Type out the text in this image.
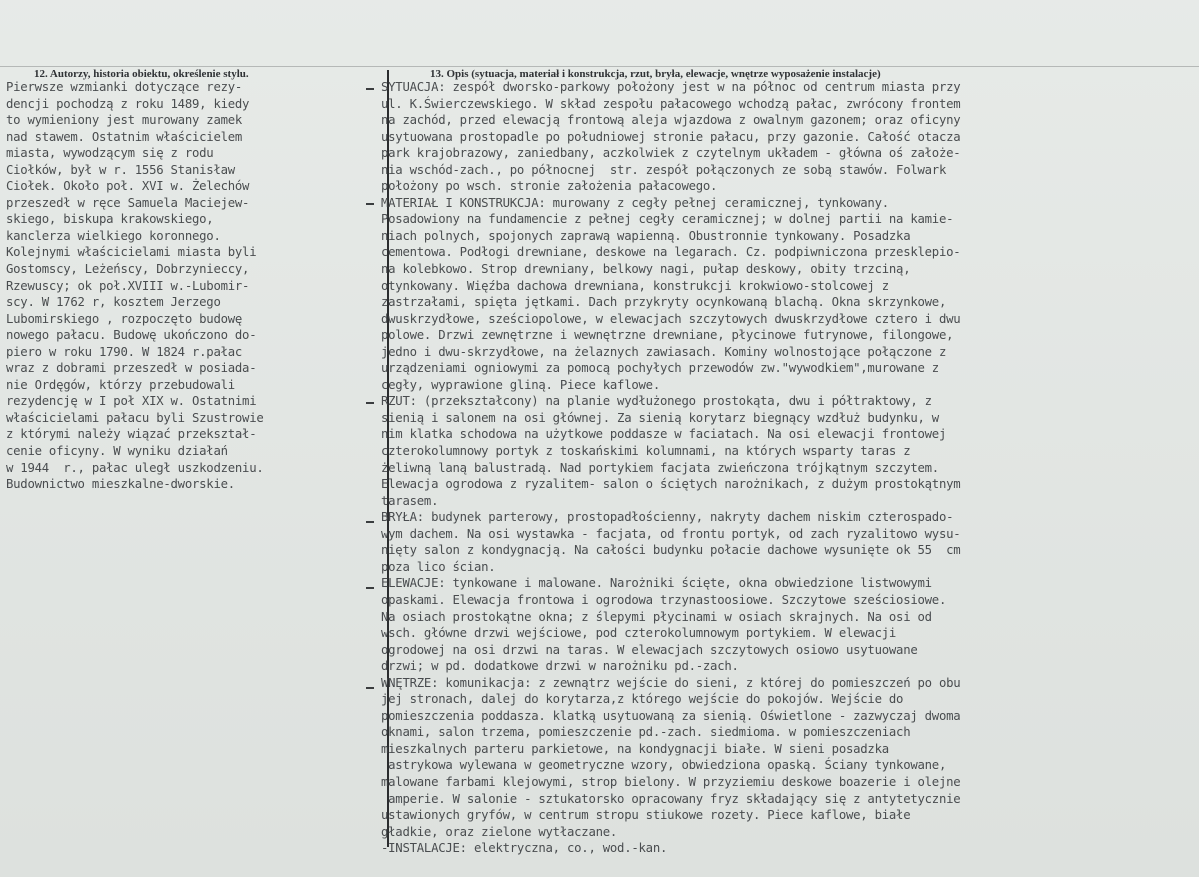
12. Autorzy, historia obiektu, określenie stylu.	13. Opis (sytuacja, materiał i konstrukcja, rzut, bryła, elewacje, wnętrze wyposażenie instalacje)
Pierwsze wzmianki dotyczące rezy-
dencji pochodzą z roku 1489, kiedy
to wymieniony jest murowany zamek
nad stawem. Ostatnim właścicielem
miasta, wywodzącym się z rodu
Ciołków, był w r. 1556 Stanisław
Ciołek. Około poł. XVI w. Żelechów
przeszedł w ręce Samuela Maciejew-
skiego, biskupa krakowskiego,
kanclerza wielkiego koronnego.
Kolejnymi właścicielami miasta byli
Gostomscy, Leżeńscy, Dobrzynieccy,
Rzewuscy; ok poł.XVIII w.-Lubomir-
scy. W 1762 r, kosztem Jerzego
Lubomirskiego , rozpoczęto budowę
nowego pałacu. Budowę ukończono do-
piero w roku 1790. W 1824 r.pałac
wraz z dobrami przeszedł w posiada-
nie Ordęgów, którzy przebudowali
rezydencję w I poł XIX w. Ostatnimi
właścicielami pałacu byli Szustrowie
z którymi należy wiązać przekształ-
cenie oficyny. W wyniku działań
w 1944  r., pałac uległ uszkodzeniu.
Budownictwo mieszkalne-dworskie.
SYTUACJA: zespół dworsko-parkowy położony jest w na północ od centrum miasta przy
ul. K.Świerczewskiego. W skład zespołu pałacowego wchodzą pałac, zwrócony frontem
na zachód, przed elewacją frontową aleja wjazdowa z owalnym gazonem; oraz oficyny
usytuowana prostopadle po południowej stronie pałacu, przy gazonie. Całość otacza
park krajobrazowy, zaniedbany, aczkolwiek z czytelnym układem - główna oś założe-
nia wschód-zach., po północnej  str. zespół połączonych ze sobą stawów. Folwark
położony po wsch. stronie założenia pałacowego.
MATERIAŁ I KONSTRUKCJA: murowany z cegły pełnej ceramicznej, tynkowany.
Posadowiony na fundamencie z pełnej cegły ceramicznej; w dolnej partii na kamie-
niach polnych, spojonych zaprawą wapienną. Obustronnie tynkowany. Posadzka
cementowa. Podłogi drewniane, deskowe na legarach. Cz. podpiwniczona przesklepio-
na kolebkowo. Strop drewniany, belkowy nagi, pułap deskowy, obity trzciną,
otynkowany. Więźba dachowa drewniana, konstrukcji krokwiowo-stolcowej z
zastrzałami, spięta jętkami. Dach przykryty ocynkowaną blachą. Okna skrzynkowe,
dwuskrzydłowe, sześciopolowe, w elewacjach szczytowych dwuskrzydłowe cztero i dwu
polowe. Drzwi zewnętrzne i wewnętrzne drewniane, płycinowe futrynowe, filongowe,
jedno i dwu-skrzydłowe, na żelaznych zawiasach. Kominy wolnostojące połączone z
urządzeniami ogniowymi za pomocą pochyłych przewodów zw."wywodkiem",murowane z
cegły, wyprawione gliną. Piece kaflowe.
RZUT: (przekształcony) na planie wydłużonego prostokąta, dwu i półtraktowy, z
sienią i salonem na osi głównej. Za sienią korytarz biegnący wzdłuż budynku, w
nim klatka schodowa na użytkowe poddasze w faciatach. Na osi elewacji frontowej
czterokolumnowy portyk z toskańskimi kolumnami, na których wsparty taras z
żeliwną laną balustradą. Nad portykiem facjata zwieńczona trójkątnym szczytem.
Elewacja ogrodowa z ryzalitem- salon o ściętych narożnikach, z dużym prostokątnym
tarasem.
BRYŁA: budynek parterowy, prostopadłościenny, nakryty dachem niskim czterospado-
wym dachem. Na osi wystawka - facjata, od frontu portyk, od zach ryzalitowo wysu-
nięty salon z kondygnacją. Na całości budynku połacie dachowe wysunięte ok 55  cm
poza lico ścian.
ELEWACJE: tynkowane i malowane. Narożniki ścięte, okna obwiedzione listwowymi
opaskami. Elewacja frontowa i ogrodowa trzynastoosiowe. Szczytowe sześciosiowe.
Na osiach prostokątne okna; z ślepymi płycinami w osiach skrajnych. Na osi od
wsch. główne drzwi wejściowe, pod czterokolumnowym portykiem. W elewacji
ogrodowej na osi drzwi na taras. W elewacjach szczytowych osiowo usytuowane
drzwi; w pd. dodatkowe drzwi w narożniku pd.-zach.
WNĘTRZE: komunikacja: z zewnątrz wejście do sieni, z której do pomieszczeń po obu
jej stronach, dalej do korytarza,z którego wejście do pokojów. Wejście do
pomieszczenia poddasza. klatką usytuowaną za sienią. Oświetlone - zazwyczaj dwoma
oknami, salon trzema, pomieszczenie pd.-zach. siedmioma. w pomieszczeniach
mieszkalnych parteru parkietowe, na kondygnacji białe. W sieni posadzka
astrykowa wylewana w geometryczne wzory, obwiedziona opaską. Ściany tynkowane,
malowane farbami klejowymi, strop bielony. W przyziemiu deskowe boazerie i olejne
amperie. W salonie - sztukatorsko opracowany fryz składający się z antytetycznie
ustawionych gryfów, w centrum stropu stiukowe rozety. Piece kaflowe, białe
gładkie, oraz zielone wytłaczane.
-INSTALACJE: elektryczna, co., wod.-kan.
